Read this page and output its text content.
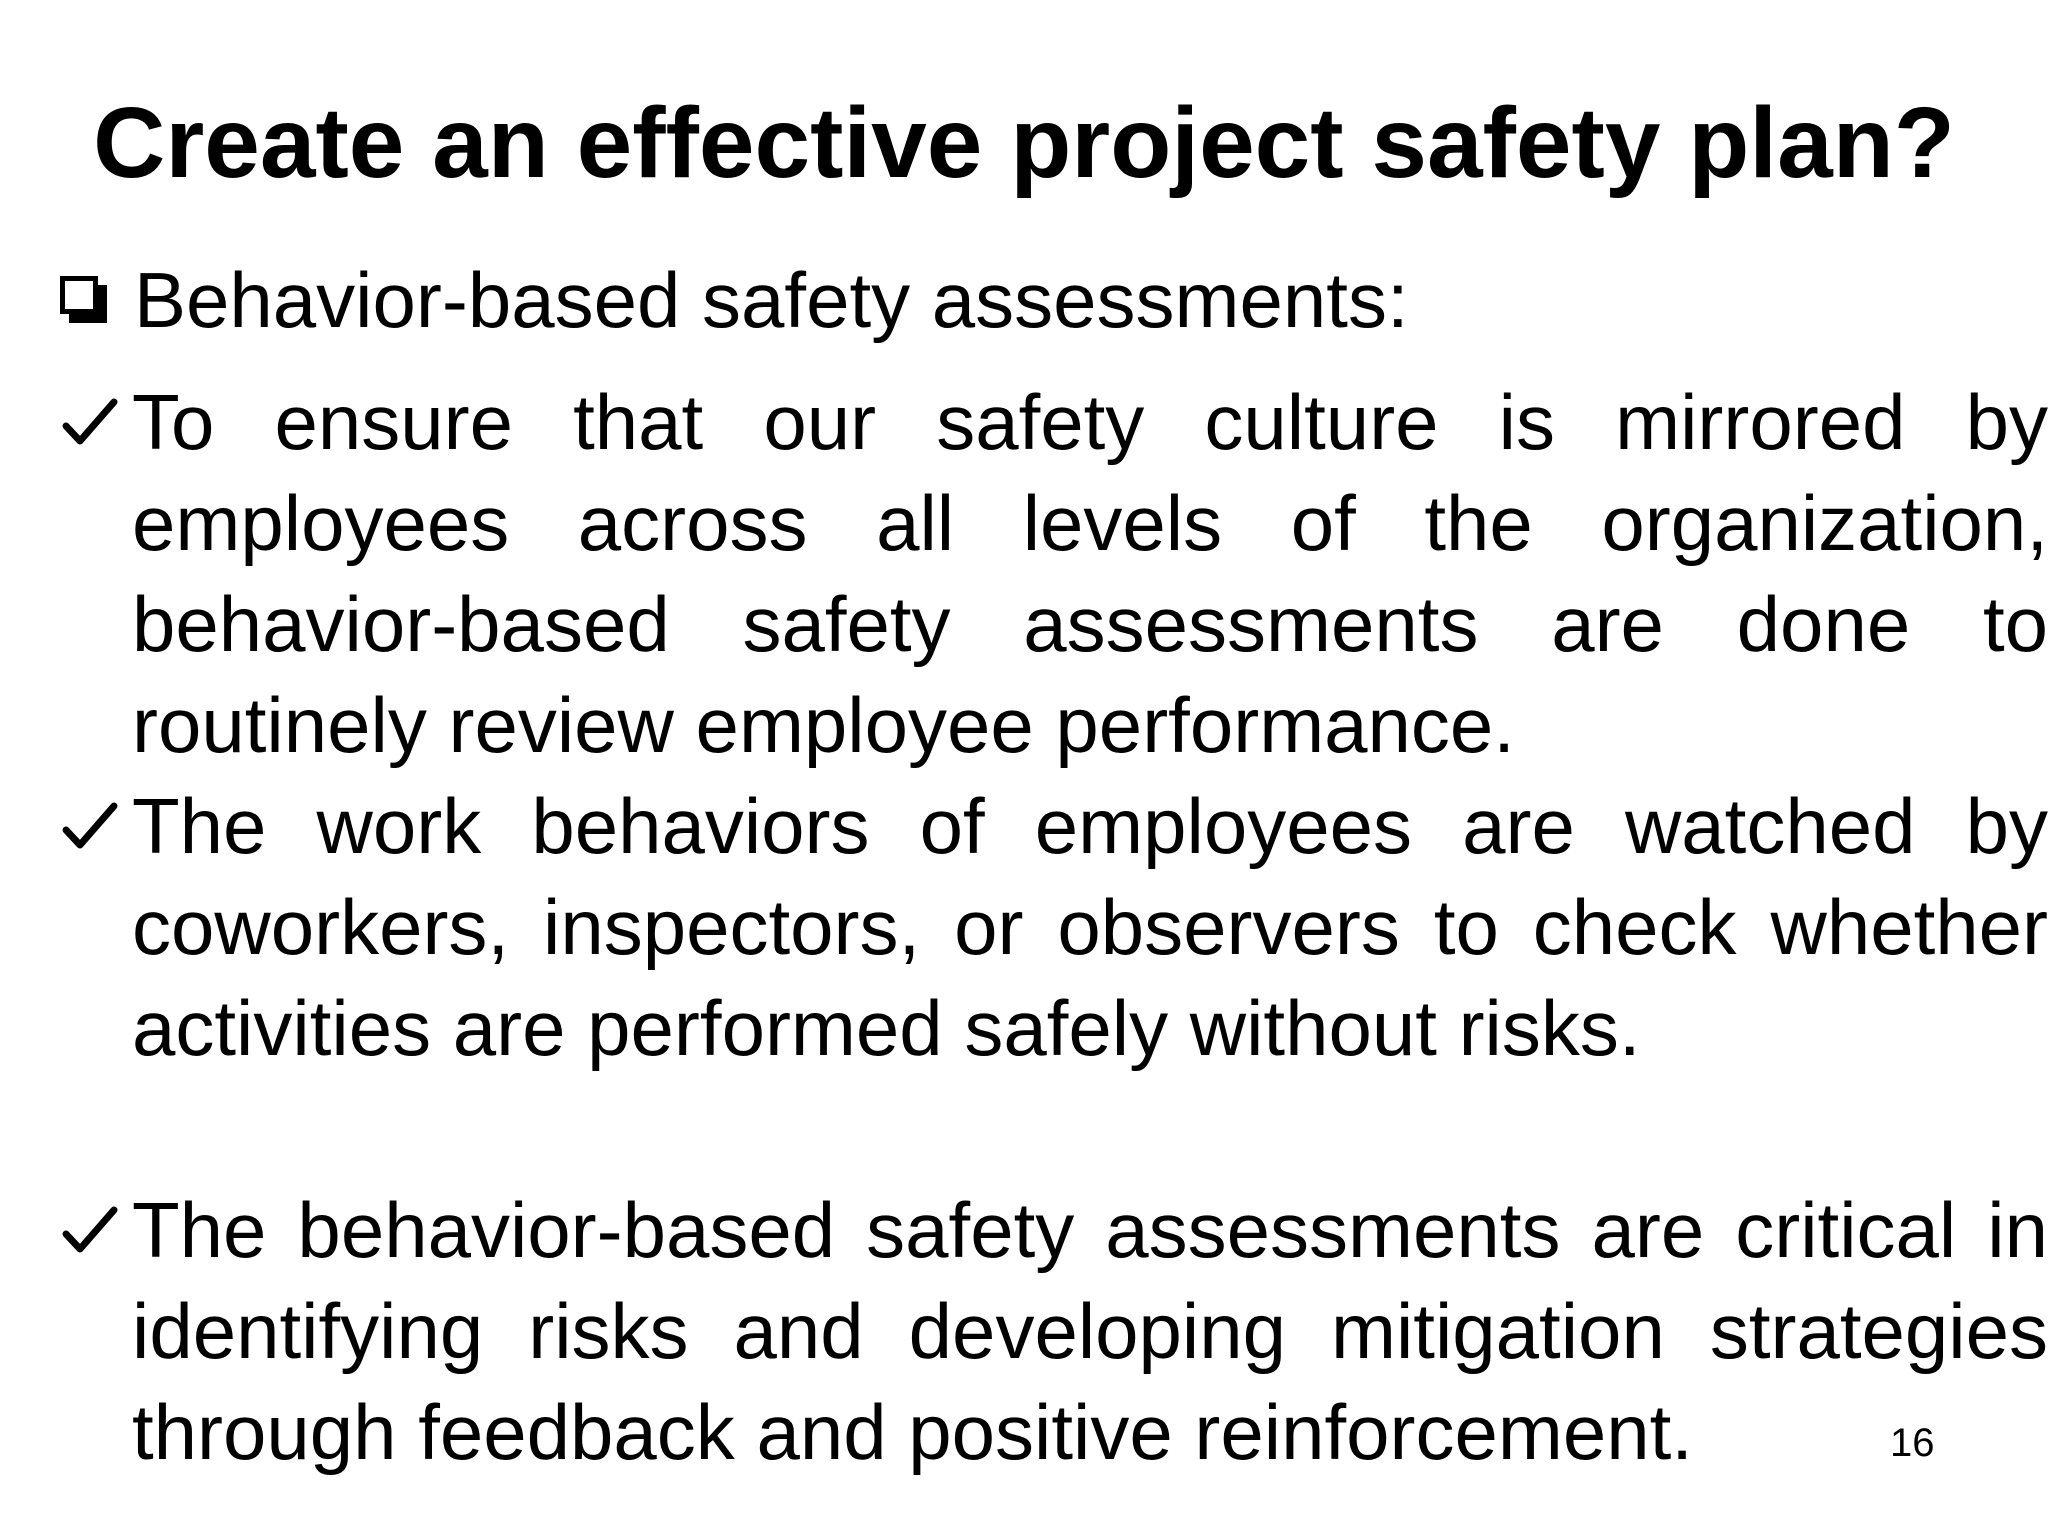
Create an effective project safety plan?
Behavior-based safety assessments:
To ensure that our safety culture is mirrored by employees across all levels of the organization, behavior-based safety assessments are done to routinely review employee performance.
The work behaviors of employees are watched by coworkers, inspectors, or observers to check whether activities are performed safely without risks.
The behavior-based safety assessments are critical in identifying risks and developing mitigation strategies through feedback and positive reinforcement.	16
